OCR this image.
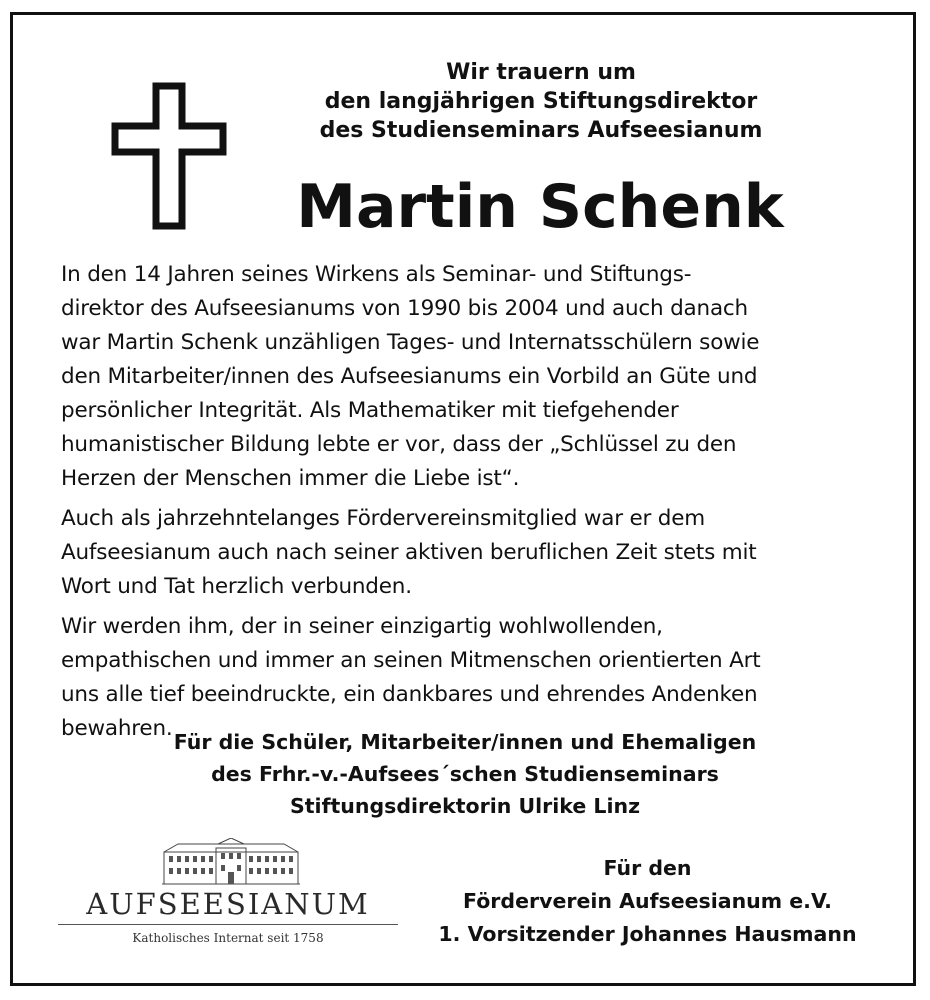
Wir trauern um
den langjährigen Stiftungsdirektor
des Studienseminars Aufseesianum
Martin Schenk
In den 14 Jahren seines Wirkens als Seminar- und Stiftungs-
direktor des Aufseesianums von 1990 bis 2004 und auch danach
war Martin Schenk unzähligen Tages- und Internatsschülern sowie
den Mitarbeiter/innen des Aufseesianums ein Vorbild an Güte und
persönlicher Integrität. Als Mathematiker mit tiefgehender
humanistischer Bildung lebte er vor, dass der „Schlüssel zu den
Herzen der Menschen immer die Liebe ist“.
Auch als jahrzehntelanges Fördervereinsmitglied war er dem
Aufseesianum auch nach seiner aktiven beruflichen Zeit stets mit
Wort und Tat herzlich verbunden.
Wir werden ihm, der in seiner einzigartig wohlwollenden,
empathischen und immer an seinen Mitmenschen orientierten Art
uns alle tief beeindruckte, ein dankbares und ehrendes Andenken
bewahren.
Für die Schüler, Mitarbeiter/innen und Ehemaligen
des Frhr.-v.-Aufsees´schen Studienseminars
Stiftungsdirektorin Ulrike Linz
AUFSEESIANUM
Katholisches Internat seit 1758
Für den
Förderverein Aufseesianum e.V.
1. Vorsitzender Johannes Hausmann
